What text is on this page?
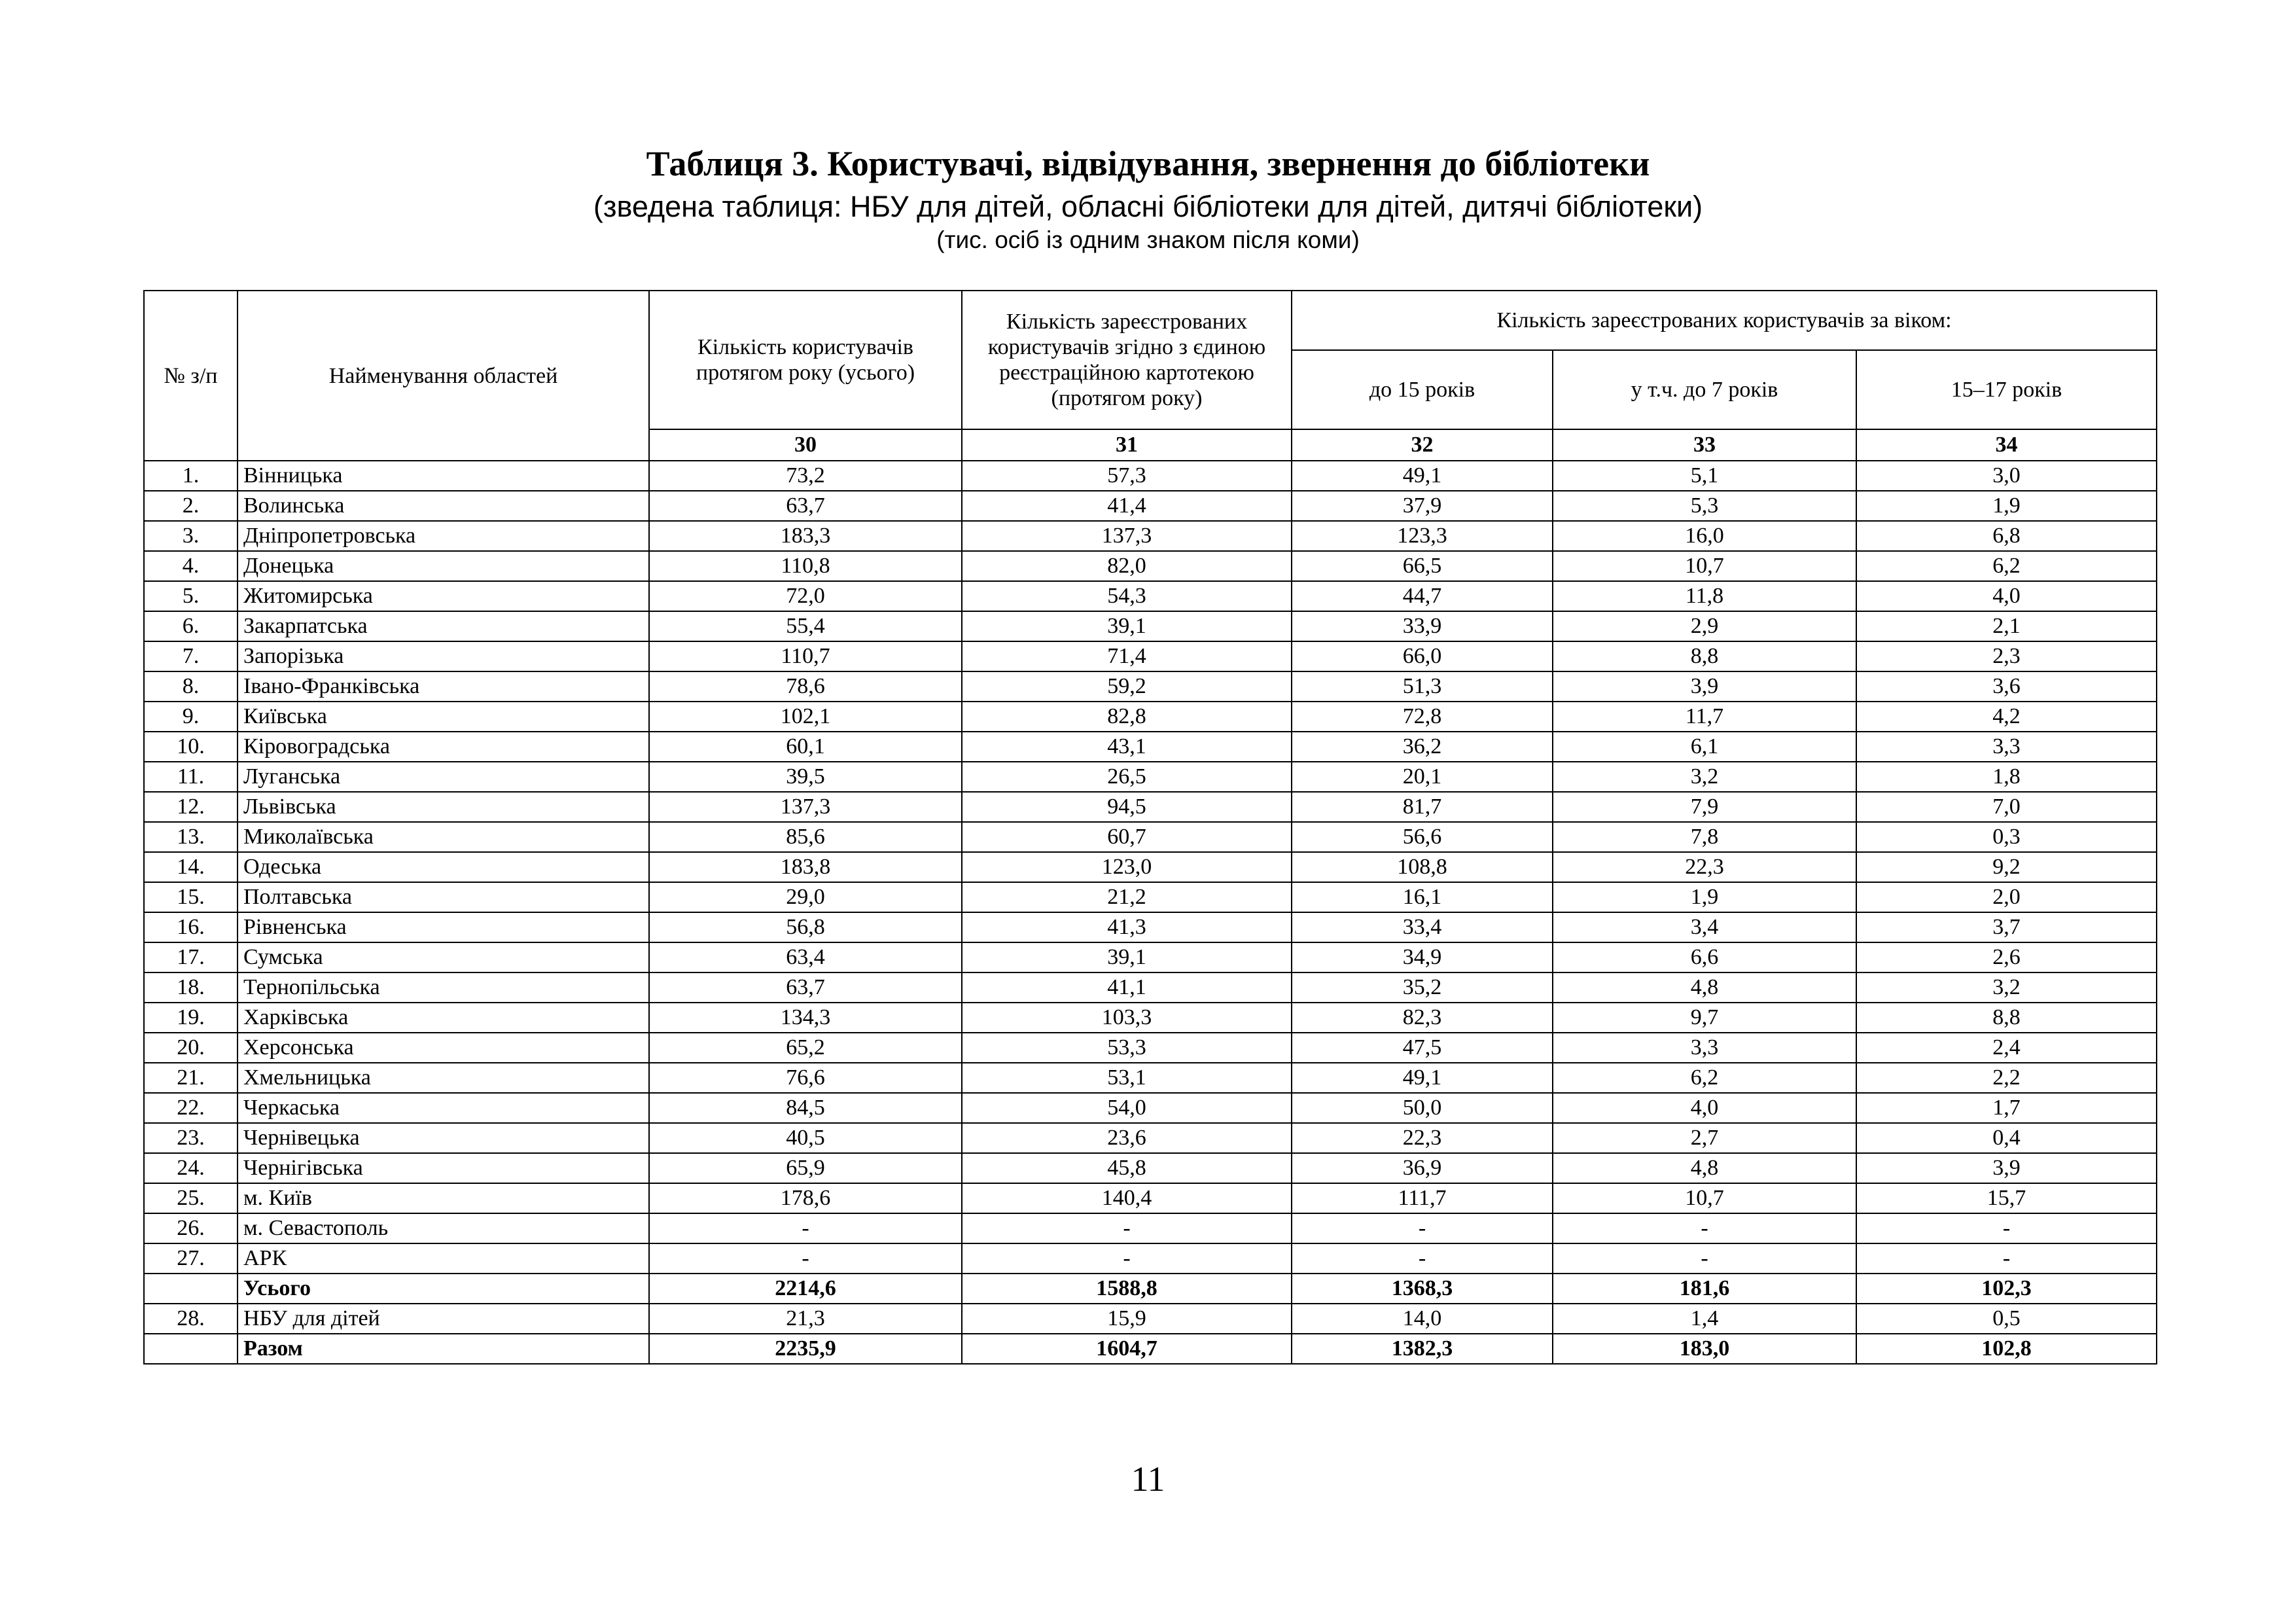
Таблиця 3. Користувачі, відвідування, звернення до бібліотеки
(зведена таблиця: НБУ для дітей, обласні бібліотеки для дітей, дитячі бібліотеки)
(тис. осіб із одним знаком після коми)
№ з/п	Найменування областей	Кількість користувачів протягом року (усього)	Кількість зареєстрованих користувачів згідно з єдиною реєстраційною картотекою (протягом року)	Кількість зареєстрованих користувачів за віком:		
				до 15 років	у т.ч. до 7 років	15–17 років
		30	31	32	33	34
1.	Вінницька	73,2	57,3	49,1	5,1	3,0
2.	Волинська	63,7	41,4	37,9	5,3	1,9
3.	Дніпропетровська	183,3	137,3	123,3	16,0	6,8
4.	Донецька	110,8	82,0	66,5	10,7	6,2
5.	Житомирська	72,0	54,3	44,7	11,8	4,0
6.	Закарпатська	55,4	39,1	33,9	2,9	2,1
7.	Запорізька	110,7	71,4	66,0	8,8	2,3
8.	Івано-Франківська	78,6	59,2	51,3	3,9	3,6
9.	Київська	102,1	82,8	72,8	11,7	4,2
10.	Кіровоградська	60,1	43,1	36,2	6,1	3,3
11.	Луганська	39,5	26,5	20,1	3,2	1,8
12.	Львівська	137,3	94,5	81,7	7,9	7,0
13.	Миколаївська	85,6	60,7	56,6	7,8	0,3
14.	Одеська	183,8	123,0	108,8	22,3	9,2
15.	Полтавська	29,0	21,2	16,1	1,9	2,0
16.	Рівненська	56,8	41,3	33,4	3,4	3,7
17.	Сумська	63,4	39,1	34,9	6,6	2,6
18.	Тернопільська	63,7	41,1	35,2	4,8	3,2
19.	Харківська	134,3	103,3	82,3	9,7	8,8
20.	Херсонська	65,2	53,3	47,5	3,3	2,4
21.	Хмельницька	76,6	53,1	49,1	6,2	2,2
22.	Черкаська	84,5	54,0	50,0	4,0	1,7
23.	Чернівецька	40,5	23,6	22,3	2,7	0,4
24.	Чернігівська	65,9	45,8	36,9	4,8	3,9
25.	м. Київ	178,6	140,4	111,7	10,7	15,7
26.	м. Севастополь	-	-	-	-	-
27.	АРК	-	-	-	-	-
	Усього	2214,6	1588,8	1368,3	181,6	102,3
28.	НБУ для дітей	21,3	15,9	14,0	1,4	0,5
	Разом	2235,9	1604,7	1382,3	183,0	102,8
11
